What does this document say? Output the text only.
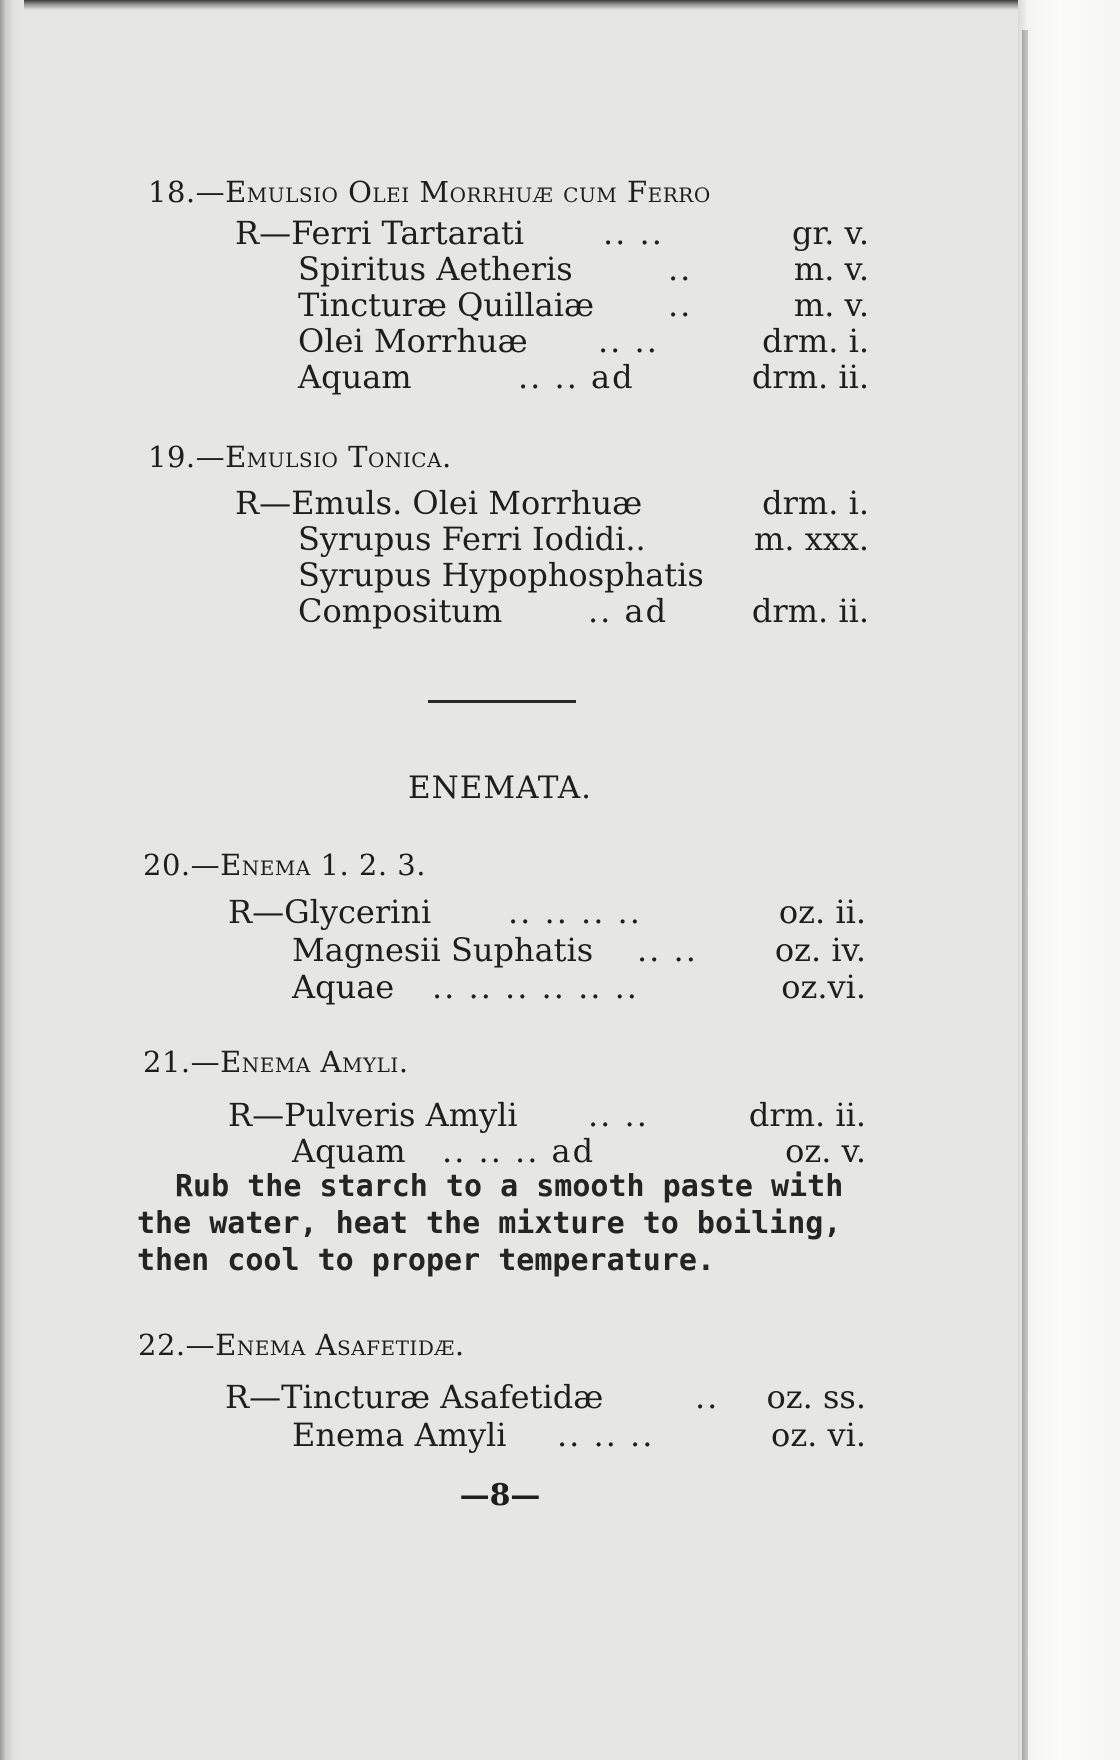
18.—Emulsio Olei Morrhuæ cum Ferro
R—Ferri Tartarati .. ..	gr. v.
Spiritus Aetheris	..	m. v.
Tincturæ Quillaiæ ..	m. v.
Olei Morrhuæ .. ..	drm. i.
Aquam	.. .. ad	drm. ii.
19.—Emulsio Tonica.
R—Emuls. Olei Morrhuæ	drm. i.
Syrupus Ferri Iodidi..	m. xxx.
Syrupus Hypophosphatis
Compositum	.. ad	drm. ii.
ENEMATA.
20.—Enema 1. 2. 3.
R—Glycerini .. .. .. ..	oz. ii.
Magnesii Suphatis .. .. oz. iv.
Aquae .. .. .. .. .. ..	oz.vi.
21.—Enema Amyli.
R—Pulveris Amyli .. ..	drm. ii.
Aquam .. .. .. ad	oz. v.
Rub the starch to a smooth paste with the water, heat the mixture to boiling, then cool to proper temperature.
22.—Enema Asafetidæ.
R—Tincturæ Asafetidæ	.. oz. ss.
Enema Amyli .. .. ..	oz. vi.
—8—
